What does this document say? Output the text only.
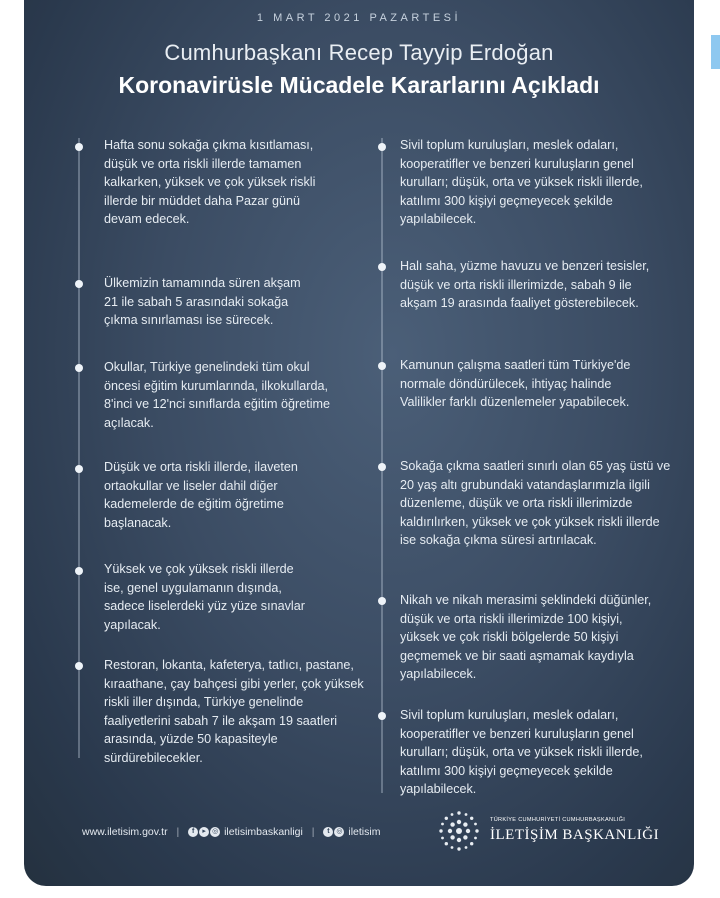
1 MART 2021 PAZARTESİ
Cumhurbaşkanı Recep Tayyip Erdoğan
Koronavirüsle Mücadele Kararlarını Açıkladı
Hafta sonu sokağa çıkma kısıtlaması, düşük ve orta riskli illerde tamamen kalkarken, yüksek ve çok yüksek riskli illerde bir müddet daha Pazar günü devam edecek.
Ülkemizin tamamında süren akşam 21 ile sabah 5 arasındaki sokağa çıkma sınırlaması ise sürecek.
Okullar, Türkiye genelindeki tüm okul öncesi eğitim kurumlarında, ilkokullarda, 8'inci ve 12'nci sınıflarda eğitim öğretime açılacak.
Düşük ve orta riskli illerde, ilaveten ortaokullar ve liseler dahil diğer kademelerde de eğitim öğretime başlanacak.
Yüksek ve çok yüksek riskli illerde ise, genel uygulamanın dışında, sadece liselerdeki yüz yüze sınavlar yapılacak.
Restoran, lokanta, kafeterya, tatlıcı, pastane, kıraathane, çay bahçesi gibi yerler, çok yüksek riskli iller dışında, Türkiye genelinde faaliyetlerini sabah 7 ile akşam 19 saatleri arasında, yüzde 50 kapasiteyle sürdürebilecekler.
Sivil toplum kuruluşları, meslek odaları, kooperatifler ve benzeri kuruluşların genel kurulları; düşük, orta ve yüksek riskli illerde, katılımı 300 kişiyi geçmeyecek şekilde yapılabilecek.
Halı saha, yüzme havuzu ve benzeri tesisler, düşük ve orta riskli illerimizde, sabah 9 ile akşam 19 arasında faaliyet gösterebilecek.
Kamunun çalışma saatleri tüm Türkiye'de normale döndürülecek, ihtiyaç halinde Valilikler farklı düzenlemeler yapabilecek.
Sokağa çıkma saatleri sınırlı olan 65 yaş üstü ve 20 yaş altı grubundaki vatandaşlarımızla ilgili düzenleme, düşük ve orta riskli illerimizde kaldırılırken, yüksek ve çok yüksek riskli illerde ise sokağa çıkma süresi artırılacak.
Nikah ve nikah merasimi şeklindeki düğünler, düşük ve orta riskli illerimizde 100 kişiyi, yüksek ve çok riskli bölgelerde 50 kişiyi geçmemek ve bir saati aşmamak kaydıyla yapılabilecek.
Sivil toplum kuruluşları, meslek odaları, kooperatifler ve benzeri kuruluşların genel kurulları; düşük, orta ve yüksek riskli illerde, katılımı 300 kişiyi geçmeyecek şekilde yapılabilecek.
www.iletisim.gov.tr | f ▸ ◎ iletisimbaskanligi | t ◎ iletisim
TÜRKİYE CUMHURİYETİ CUMHURBAŞKANLIĞI
İLETİŞİM BAŞKANLIĞI
